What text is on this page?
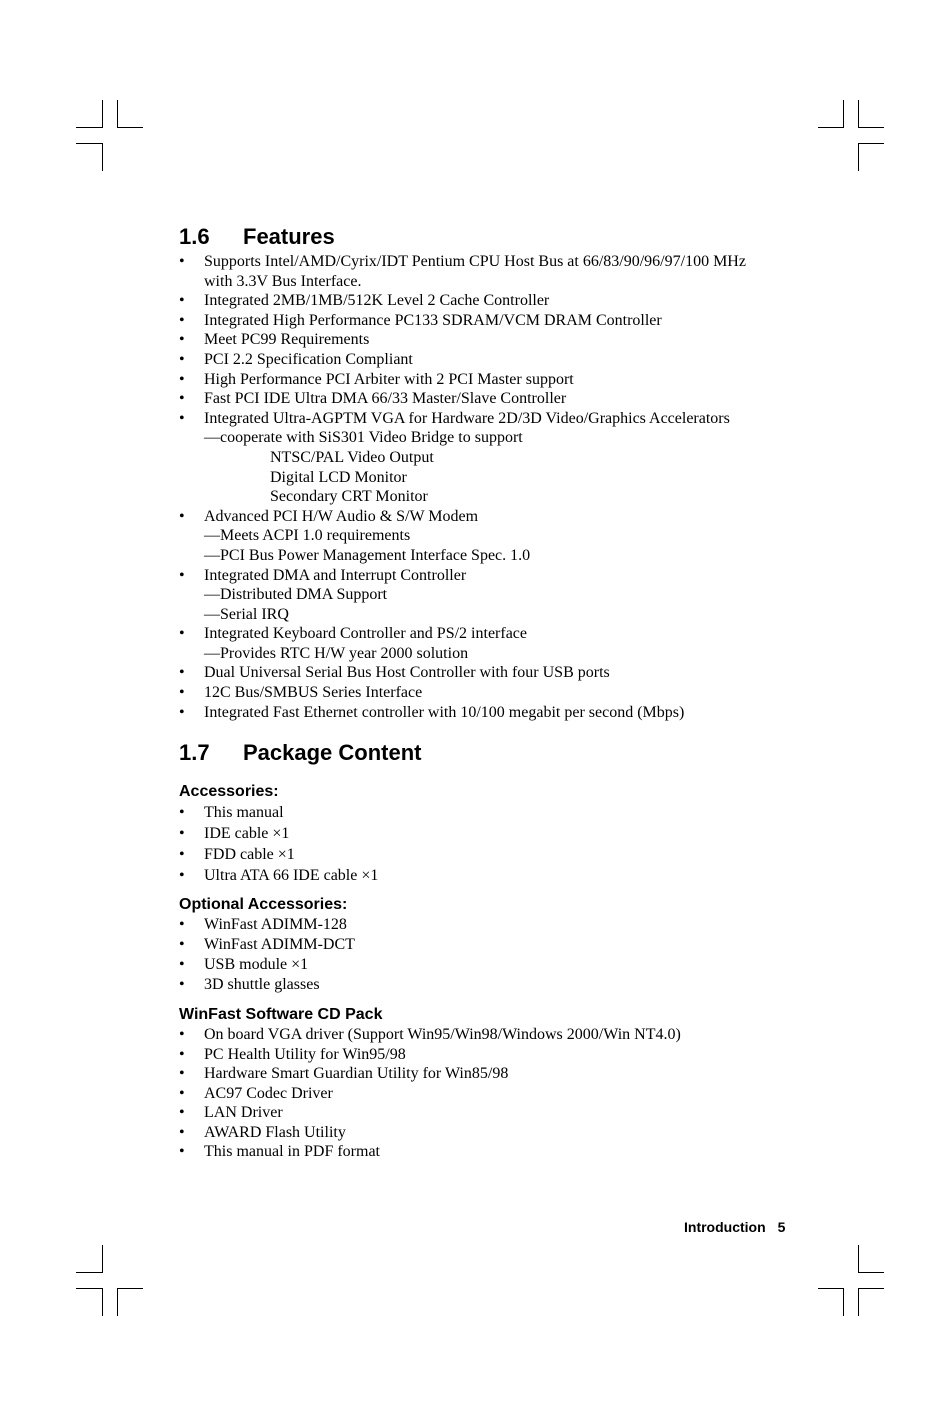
1.6	Features
• Supports Intel/AMD/Cyrix/IDT Pentium CPU Host Bus at 66/83/90/96/97/100 MHz
with 3.3V Bus Interface.
• Integrated 2MB/1MB/512K Level 2 Cache Controller
• Integrated High Performance PC133 SDRAM/VCM DRAM Controller
• Meet PC99 Requirements
• PCI 2.2 Specification Compliant
• High Performance PCI Arbiter with 2 PCI Master support
• Fast PCI IDE Ultra DMA 66/33 Master/Slave Controller
• Integrated Ultra-AGPTM VGA for Hardware 2D/3D Video/Graphics Accelerators
—cooperate with SiS301 Video Bridge to support
NTSC/PAL Video Output
Digital LCD Monitor
Secondary CRT Monitor
• Advanced PCI H/W Audio & S/W Modem
—Meets ACPI 1.0 requirements
—PCI Bus Power Management Interface Spec. 1.0
• Integrated DMA and Interrupt Controller
—Distributed DMA Support
—Serial IRQ
• Integrated Keyboard Controller and PS/2 interface
—Provides RTC H/W year 2000 solution
• Dual Universal Serial Bus Host Controller with four USB ports
• 12C Bus/SMBUS Series Interface
• Integrated Fast Ethernet controller with 10/100 megabit per second (Mbps)
1.7	Package Content
Accessories:
• This manual
• IDE cable ×1
• FDD cable ×1
• Ultra ATA 66 IDE cable ×1
Optional Accessories:
• WinFast ADIMM-128
• WinFast ADIMM-DCT
• USB module ×1
• 3D shuttle glasses
WinFast Software CD Pack
• On board VGA driver (Support Win95/Win98/Windows 2000/Win NT4.0)
• PC Health Utility for Win95/98
• Hardware Smart Guardian Utility for Win85/98
• AC97 Codec Driver
• LAN Driver
• AWARD Flash Utility
• This manual in PDF format
Introduction 5
